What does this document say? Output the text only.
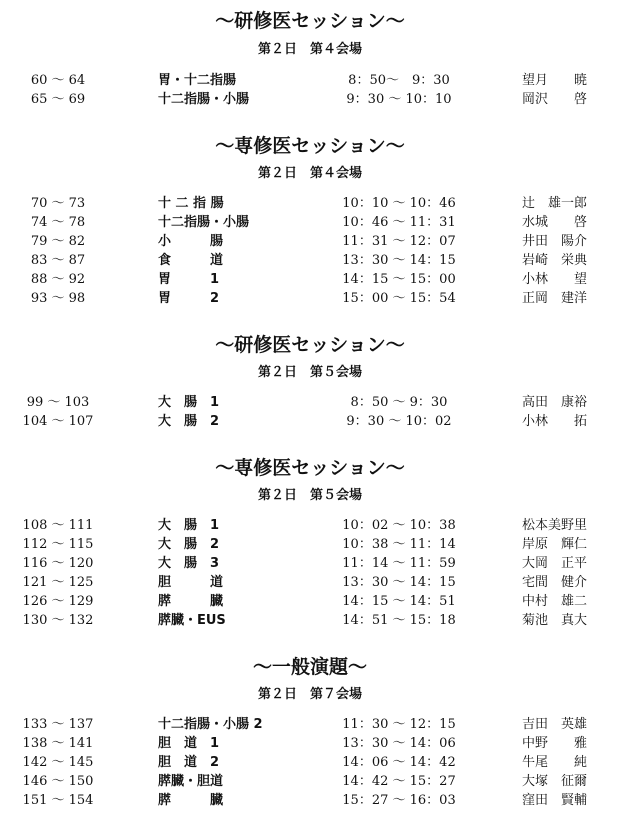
〜研修医セッション〜
第２日　第４会場
60 〜 64	胃・十二指腸	8：50〜　9：30	望月　　暁
65 〜 69	十二指腸・小腸	9：30 〜 10：10	岡沢　　啓
〜専修医セッション〜
第２日　第４会場
70 〜 73	十 二 指 腸	10：10 〜 10：46	辻　雄一郎
74 〜 78	十二指腸・小腸	10：46 〜 11：31	水城　　啓
79 〜 82	小　　　腸	11：31 〜 12：07	井田　陽介
83 〜 87	食　　　道	13：30 〜 14：15	岩崎　栄典
88 〜 92	胃　　　1	14：15 〜 15：00	小林　　望
93 〜 98	胃　　　2	15：00 〜 15：54	正岡　建洋
〜研修医セッション〜
第２日　第５会場
99 〜 103	大　腸　1	8：50 〜 9：30	高田　康裕
104 〜 107	大　腸　2	9：30 〜 10：02	小林　　拓
〜専修医セッション〜
第２日　第５会場
108 〜 111	大　腸　1	10：02 〜 10：38	松本美野里
112 〜 115	大　腸　2	10：38 〜 11：14	岸原　輝仁
116 〜 120	大　腸　3	11：14 〜 11：59	大岡　正平
121 〜 125	胆　　　道	13：30 〜 14：15	宅間　健介
126 〜 129	膵　　　臓	14：15 〜 14：51	中村　雄二
130 〜 132	膵臓・EUS	14：51 〜 15：18	菊池　真大
〜一般演題〜
第２日　第７会場
133 〜 137	十二指腸・小腸 2	11：30 〜 12：15	吉田　英雄
138 〜 141	胆　道　1	13：30 〜 14：06	中野　　雅
142 〜 145	胆　道　2	14：06 〜 14：42	牛尾　　純
146 〜 150	膵臓・胆道	14：42 〜 15：27	大塚　征爾
151 〜 154	膵　　　臓	15：27 〜 16：03	窪田　賢輔
